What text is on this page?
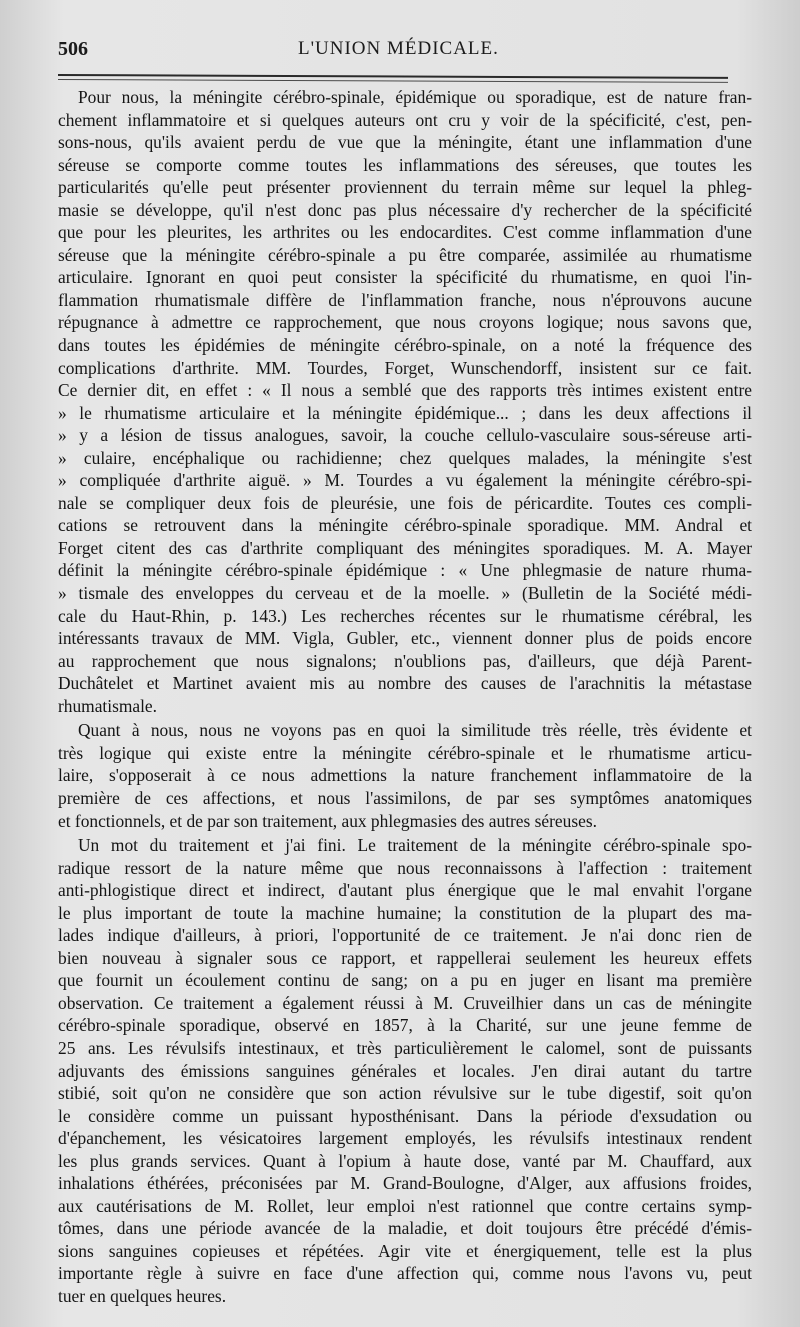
506	L'UNION MÉDICALE.
Pour nous, la méningite cérébro-spinale, épidémique ou sporadique, est de nature fran-
chement inflammatoire et si quelques auteurs ont cru y voir de la spécificité, c'est, pen-
sons-nous, qu'ils avaient perdu de vue que la méningite, étant une inflammation d'une
séreuse se comporte comme toutes les inflammations des séreuses, que toutes les
particularités qu'elle peut présenter proviennent du terrain même sur lequel la phleg-
masie se développe, qu'il n'est donc pas plus nécessaire d'y rechercher de la spécificité
que pour les pleurites, les arthrites ou les endocardites. C'est comme inflammation d'une
séreuse que la méningite cérébro-spinale a pu être comparée, assimilée au rhumatisme
articulaire. Ignorant en quoi peut consister la spécificité du rhumatisme, en quoi l'in-
flammation rhumatismale diffère de l'inflammation franche, nous n'éprouvons aucune
répugnance à admettre ce rapprochement, que nous croyons logique; nous savons que,
dans toutes les épidémies de méningite cérébro-spinale, on a noté la fréquence des
complications d'arthrite. MM. Tourdes, Forget, Wunschendorff, insistent sur ce fait.
Ce dernier dit, en effet : « Il nous a semblé que des rapports très intimes existent entre
» le rhumatisme articulaire et la méningite épidémique... ; dans les deux affections il
» y a lésion de tissus analogues, savoir, la couche cellulo-vasculaire sous-séreuse arti-
» culaire, encéphalique ou rachidienne; chez quelques malades, la méningite s'est
» compliquée d'arthrite aiguë. » M. Tourdes a vu également la méningite cérébro-spi-
nale se compliquer deux fois de pleurésie, une fois de péricardite. Toutes ces compli-
cations se retrouvent dans la méningite cérébro-spinale sporadique. MM. Andral et
Forget citent des cas d'arthrite compliquant des méningites sporadiques. M. A. Mayer
définit la méningite cérébro-spinale épidémique : « Une phlegmasie de nature rhuma-
» tismale des enveloppes du cerveau et de la moelle. » (Bulletin de la Société médi-
cale du Haut-Rhin, p. 143.) Les recherches récentes sur le rhumatisme cérébral, les
intéressants travaux de MM. Vigla, Gubler, etc., viennent donner plus de poids encore
au rapprochement que nous signalons; n'oublions pas, d'ailleurs, que déjà Parent-
Duchâtelet et Martinet avaient mis au nombre des causes de l'arachnitis la métastase
rhumatismale.
Quant à nous, nous ne voyons pas en quoi la similitude très réelle, très évidente et
très logique qui existe entre la méningite cérébro-spinale et le rhumatisme articu-
laire, s'opposerait à ce nous admettions la nature franchement inflammatoire de la
première de ces affections, et nous l'assimilons, de par ses symptômes anatomiques
et fonctionnels, et de par son traitement, aux phlegmasies des autres séreuses.
Un mot du traitement et j'ai fini. Le traitement de la méningite cérébro-spinale spo-
radique ressort de la nature même que nous reconnaissons à l'affection : traitement
anti-phlogistique direct et indirect, d'autant plus énergique que le mal envahit l'organe
le plus important de toute la machine humaine; la constitution de la plupart des ma-
lades indique d'ailleurs, à priori, l'opportunité de ce traitement. Je n'ai donc rien de
bien nouveau à signaler sous ce rapport, et rappellerai seulement les heureux effets
que fournit un écoulement continu de sang; on a pu en juger en lisant ma première
observation. Ce traitement a également réussi à M. Cruveilhier dans un cas de méningite
cérébro-spinale sporadique, observé en 1857, à la Charité, sur une jeune femme de
25 ans. Les révulsifs intestinaux, et très particulièrement le calomel, sont de puissants
adjuvants des émissions sanguines générales et locales. J'en dirai autant du tartre
stibié, soit qu'on ne considère que son action révulsive sur le tube digestif, soit qu'on
le considère comme un puissant hyposthénisant. Dans la période d'exsudation ou
d'épanchement, les vésicatoires largement employés, les révulsifs intestinaux rendent
les plus grands services. Quant à l'opium à haute dose, vanté par M. Chauffard, aux
inhalations éthérées, préconisées par M. Grand-Boulogne, d'Alger, aux affusions froides,
aux cautérisations de M. Rollet, leur emploi n'est rationnel que contre certains symp-
tômes, dans une période avancée de la maladie, et doit toujours être précédé d'émis-
sions sanguines copieuses et répétées. Agir vite et énergiquement, telle est la plus
importante règle à suivre en face d'une affection qui, comme nous l'avons vu, peut
tuer en quelques heures.
